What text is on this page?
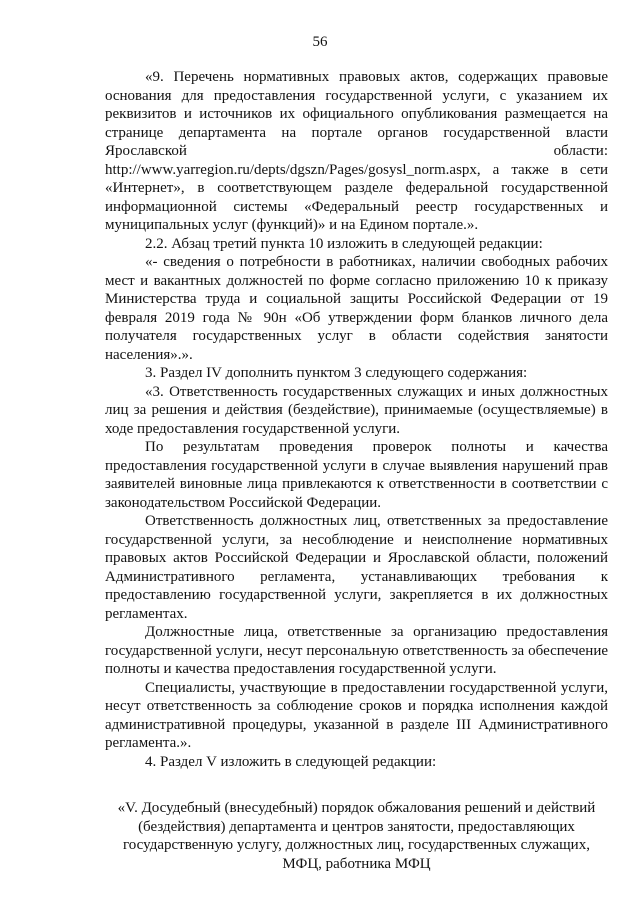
56

«9. Перечень нормативных правовых актов, содержащих правовые основания для предоставления государственной услуги, с указанием их реквизитов и источников их официального опубликования размещается на странице департамента на портале органов государственной власти Ярославской области: http://www.yarregion.ru/depts/dgszn/Pages/gosysl_norm.aspx, а также в сети «Интернет», в соответствующем разделе федеральной государственной информационной системы «Федеральный реестр государственных и муниципальных услуг (функций)» и на Едином портале.».

2.2. Абзац третий пункта 10 изложить в следующей редакции:

«- сведения о потребности в работниках, наличии свободных рабочих мест и вакантных должностей по форме согласно приложению 10 к приказу Министерства труда и социальной защиты Российской Федерации от 19 февраля 2019 года № 90н «Об утверждении форм бланков личного дела получателя государственных услуг в области содействия занятости населения».».

3. Раздел IV дополнить пунктом 3 следующего содержания:

«3. Ответственность государственных служащих и иных должностных лиц за решения и действия (бездействие), принимаемые (осуществляемые) в ходе предоставления государственной услуги.

По результатам проведения проверок полноты и качества предоставления государственной услуги в случае выявления нарушений прав заявителей виновные лица привлекаются к ответственности в соответствии с законодательством Российской Федерации.

Ответственность должностных лиц, ответственных за предоставление государственной услуги, за несоблюдение и неисполнение нормативных правовых актов Российской Федерации и Ярославской области, положений Административного регламента, устанавливающих требования к предоставлению государственной услуги, закрепляется в их должностных регламентах.

Должностные лица, ответственные за организацию предоставления государственной услуги, несут персональную ответственность за обеспечение полноты и качества предоставления государственной услуги.

Специалисты, участвующие в предоставлении государственной услуги, несут ответственность за соблюдение сроков и порядка исполнения каждой административной процедуры, указанной в разделе III Административного регламента.».

4. Раздел V изложить в следующей редакции:

«V. Досудебный (внесудебный) порядок обжалования решений и действий (бездействия) департамента и центров занятости, предоставляющих государственную услугу, должностных лиц, государственных служащих, МФЦ, работника МФЦ
